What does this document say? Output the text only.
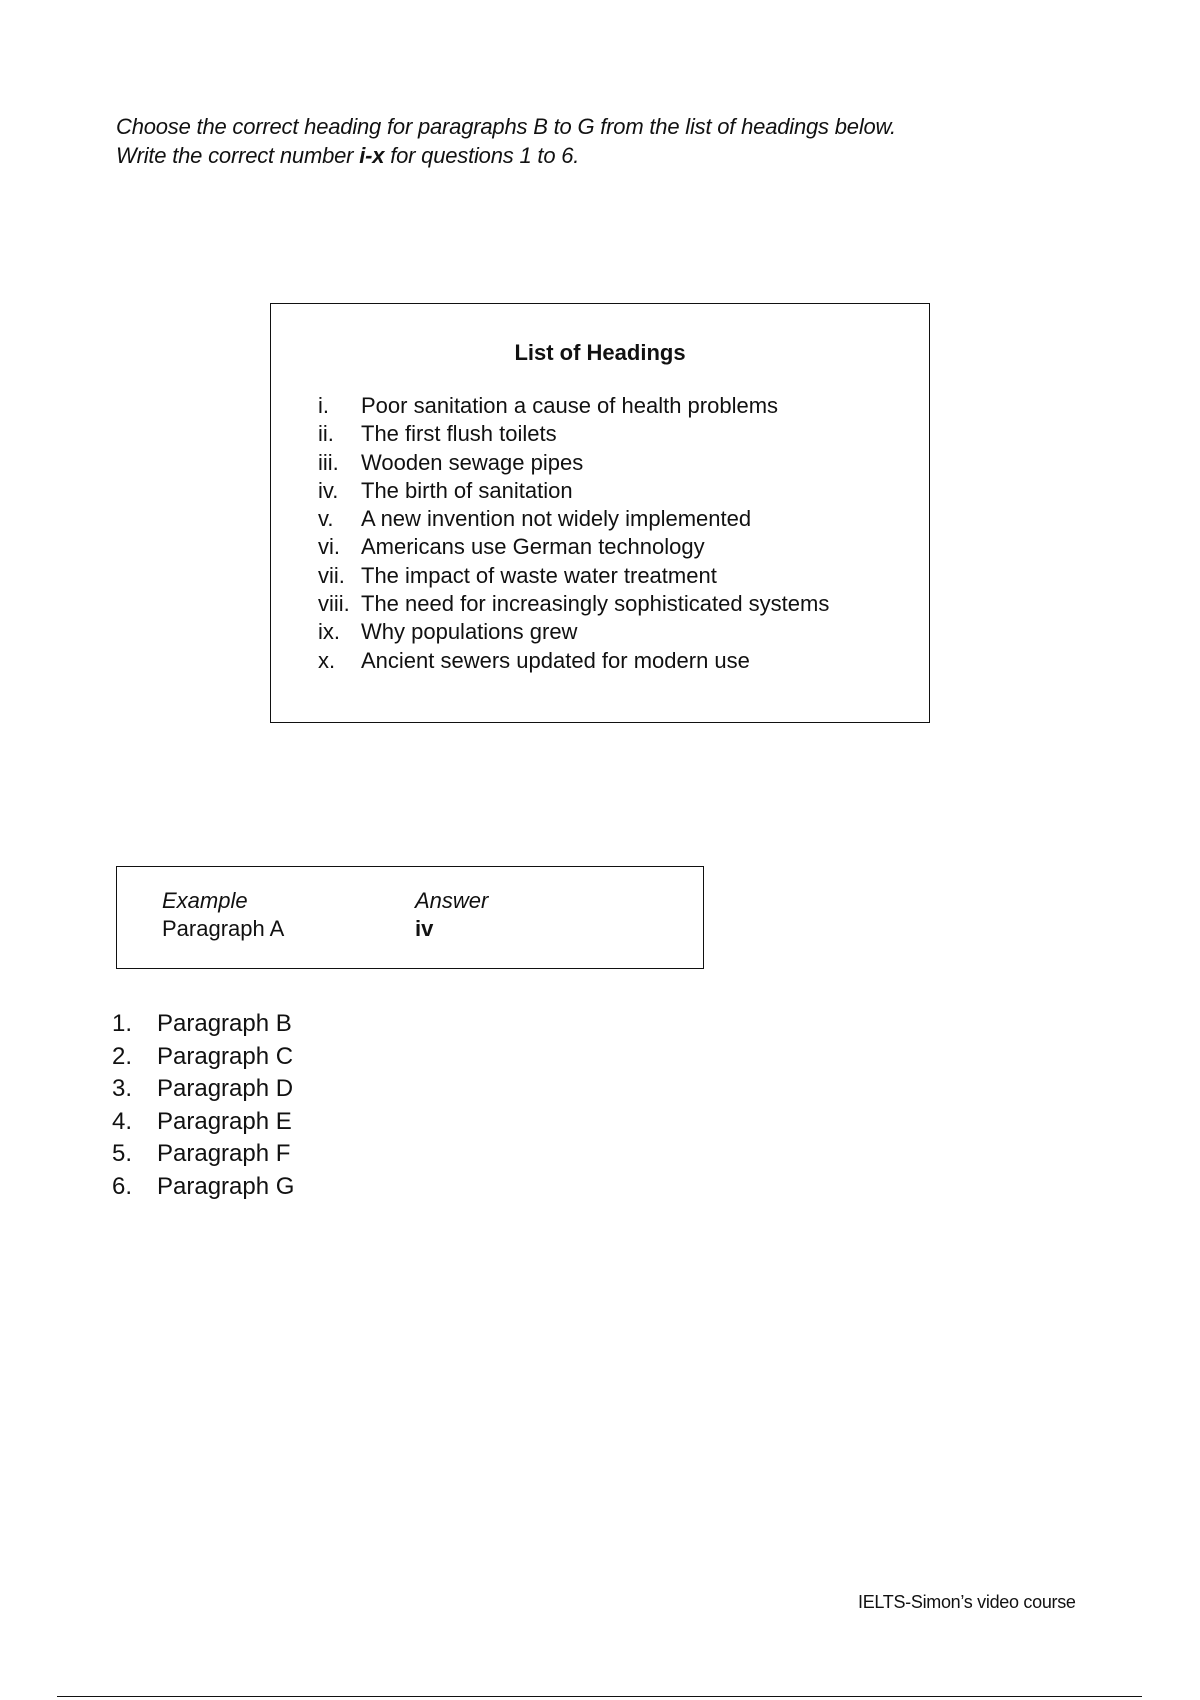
Choose the correct heading for paragraphs B to G from the list of headings below.
Write the correct number i-x for questions 1 to 6.
List of Headings
i.	Poor sanitation a cause of health problems
ii.	The first flush toilets
iii.	Wooden sewage pipes
iv.	The birth of sanitation
v.	A new invention not widely implemented
vi. Americans use German technology
vii. The impact of waste water treatment
viii. The need for increasingly sophisticated systems
ix. Why populations grew
x.	Ancient sewers updated for modern use
Example	Answer
Paragraph A	iv
1.	Paragraph B
2.	Paragraph C
3.	Paragraph D
4.	Paragraph E
5.	Paragraph F
6.	Paragraph G
IELTS-Simon’s video course
